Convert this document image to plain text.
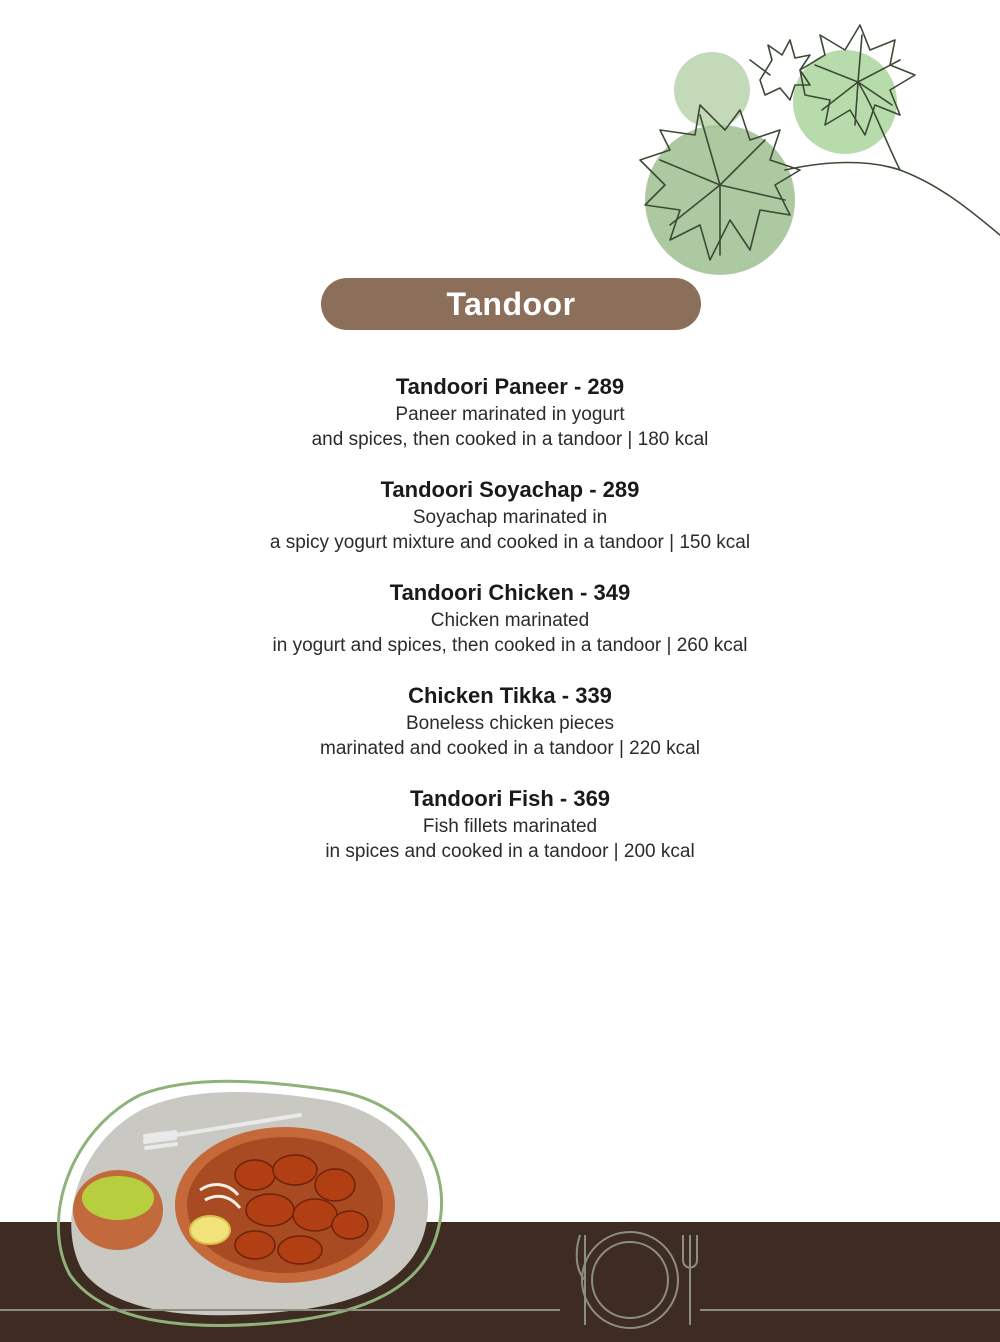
Tandoor
Tandoori Paneer - 289
Paneer marinated in yogurt
and spices, then cooked in a tandoor | 180 kcal
Tandoori Soyachap - 289
Soyachap marinated in
a spicy yogurt mixture and cooked in a tandoor | 150 kcal
Tandoori Chicken - 349
Chicken marinated
in yogurt and spices, then cooked in a tandoor | 260 kcal
Chicken Tikka - 339
Boneless chicken pieces
marinated and cooked in a tandoor | 220 kcal
Tandoori Fish - 369
Fish fillets marinated
in spices and cooked in a tandoor | 200 kcal
